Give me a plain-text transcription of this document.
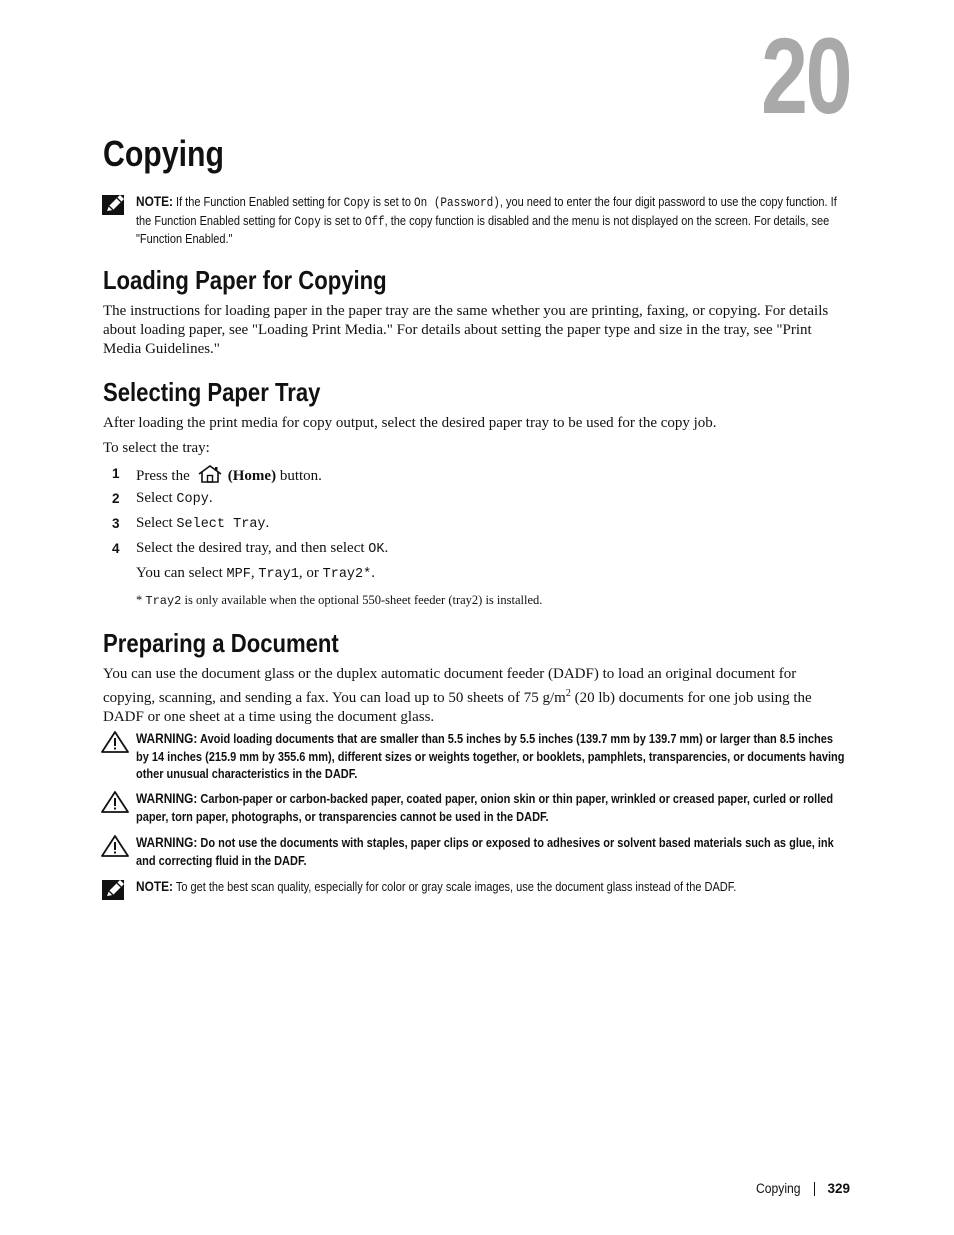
20
Copying
NOTE: If the Function Enabled setting for Copy is set to On (Password), you need to enter the four digit password to use the copy function. If the Function Enabled setting for Copy is set to Off, the copy function is disabled and the menu is not displayed on the screen. For details, see "Function Enabled."
Loading Paper for Copying

The instructions for loading paper in the paper tray are the same whether you are printing, faxing, or copying. For details about loading paper, see "Loading Print Media." For details about setting the paper type and size in the tray, see "Print Media Guidelines."

Selecting Paper Tray

After loading the print media for copy output, select the desired paper tray to be used for the copy job.

To select the tray:

1 Press the	(Home) button.
2 Select Copy.
3 Select Select Tray.
4 Select the desired tray, and then select OK.
You can select MPF, Tray1, or Tray2*.
* Tray2 is only available when the optional 550-sheet feeder (tray2) is installed.
Preparing a Document

You can use the document glass or the duplex automatic document feeder (DADF) to load an original document for copying, scanning, and sending a fax. You can load up to 50 sheets of 75 $g/m^2$ (20 lb) documents for one job using the DADF or one sheet at a time using the document glass.

WARNING: Avoid loading documents that are smaller than 5.5 inches by 5.5 inches (139.7 mm by 139.7 mm) or larger than 8.5 inches by 14 inches (215.9 mm by 355.6 mm), different sizes or weights together, or booklets, pamphlets, transparencies, or documents having other unusual characteristics in the DADF.
WARNING: Carbon-paper or carbon-backed paper, coated paper, onion skin or thin paper, wrinkled or creased paper, curled or rolled paper, torn paper, photographs, or transparencies cannot be used in the DADF.
WARNING: Do not use the documents with staples, paper clips or exposed to adhesives or solvent based materials such as glue, ink and correcting fluid in the DADF.
NOTE: To get the best scan quality, especially for color or gray scale images, use the document glass instead of the DADF.
Copying 329
